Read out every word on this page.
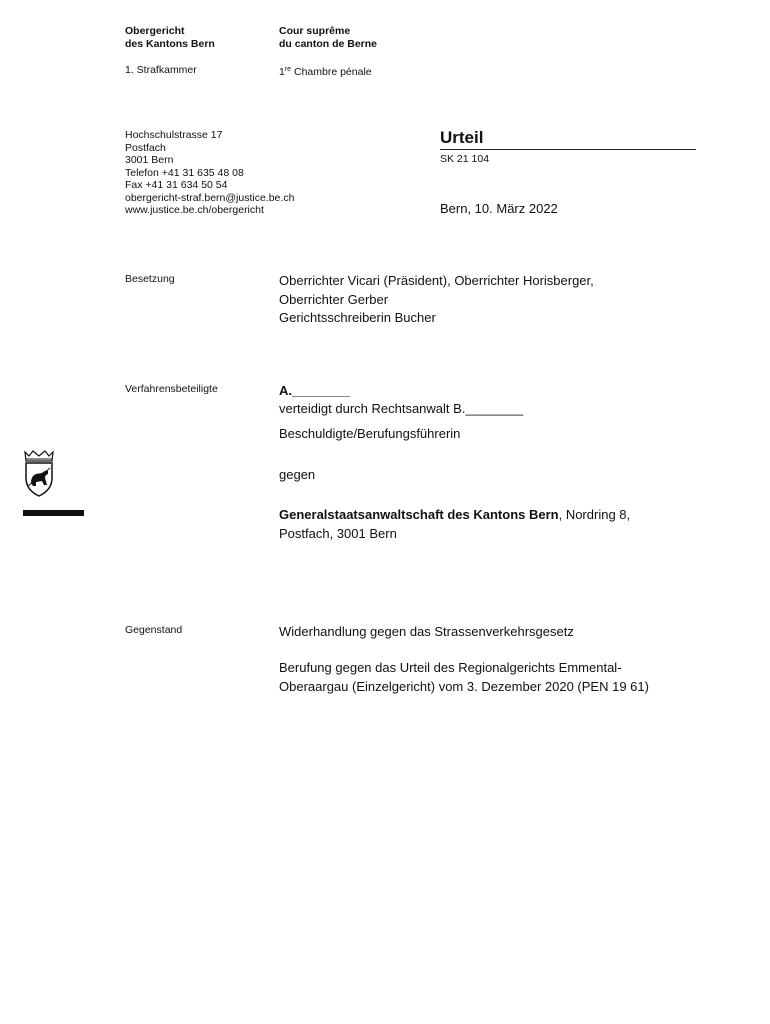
Obergericht
des Kantons Bern
Cour suprême
du canton de Berne
1. Strafkammer	1re Chambre pénale
Hochschulstrasse 17
Postfach
3001 Bern
Telefon +41 31 635 48 08
Fax +41 31 634 50 54
obergericht-straf.bern@justice.be.ch
www.justice.be.ch/obergericht
Urteil
SK 21 104
Bern, 10. März 2022
Besetzung	Oberrichter Vicari (Präsident), Oberrichter Horisberger,
Oberrichter Gerber
Gerichtsschreiberin Bucher
Verfahrensbeteiligte	A.________
verteidigt durch Rechtsanwalt B.________
Beschuldigte/Berufungsführerin
gegen
Generalstaatsanwaltschaft des Kantons Bern, Nordring 8,
Postfach, 3001 Bern
Gegenstand	Widerhandlung gegen das Strassenverkehrsgesetz
Berufung gegen das Urteil des Regionalgerichts Emmental-
Oberaargau (Einzelgericht) vom 3. Dezember 2020 (PEN 19 61)
